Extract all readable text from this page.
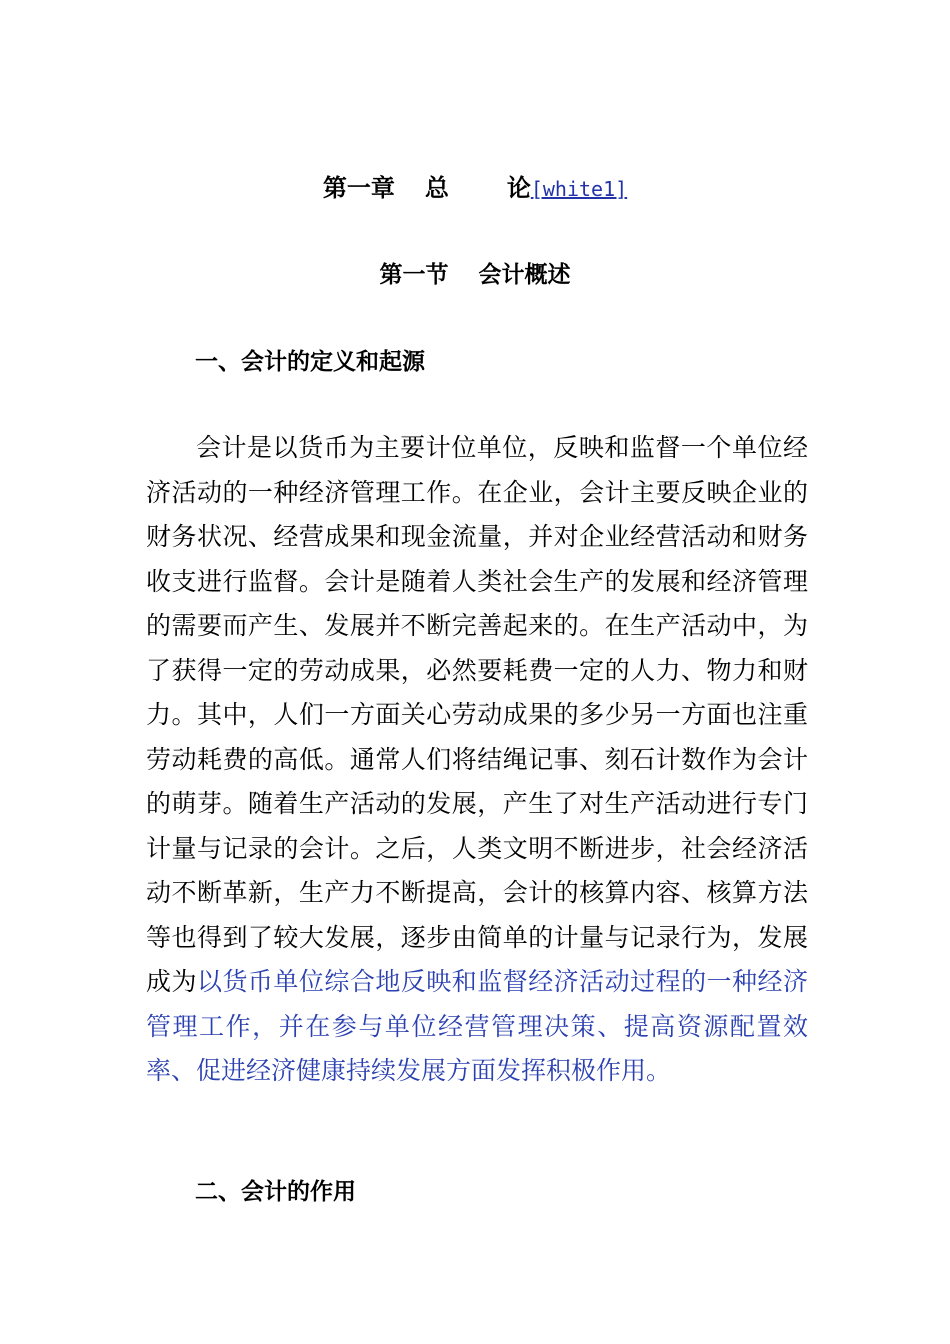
第一章 总 论[white1]
第一节 会计概述
一、会计的定义和起源

会计是以货币为主要计位单位，反映和监督一个单位经济活动的一种经济管理工作。在企业，会计主要反映企业的财务状况、经营成果和现金流量，并对企业经营活动和财务收支进行监督。会计是随着人类社会生产的发展和经济管理的需要而产生、发展并不断完善起来的。在生产活动中，为了获得一定的劳动成果，必然要耗费一定的人力、物力和财力。其中，人们一方面关心劳动成果的多少另一方面也注重劳动耗费的高低。通常人们将结绳记事、刻石计数作为会计的萌芽。随着生产活动的发展，产生了对生产活动进行专门计量与记录的会计。之后，人类文明不断进步，社会经济活动不断革新，生产力不断提高，会计的核算内容、核算方法等也得到了较大发展，逐步由简单的计量与记录行为，发展成为以货币单位综合地反映和监督经济活动过程的一种经济管理工作，并在参与单位经营管理决策、提高资源配置效率、促进经济健康持续发展方面发挥积极作用。

二、会计的作用
